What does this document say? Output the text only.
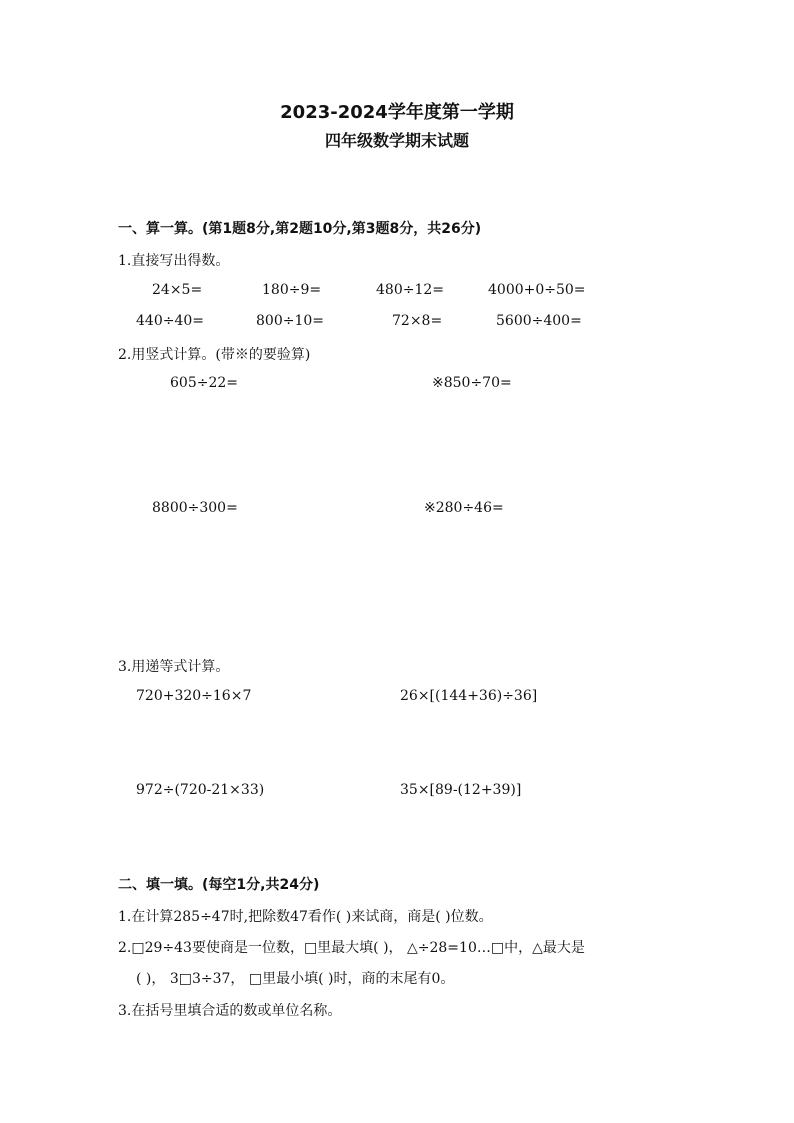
2023-2024学年度第一学期
四年级数学期末试题
一、算一算。(第1题8分,第2题10分,第3题8分，共26分)
1.直接写出得数。
24×5=	180÷9=	480÷12=	4000+0÷50=
440÷40=	800÷10=	72×8=	5600÷400=
2.用竖式计算。(带※的要验算)
605÷22=	※850÷70=
8800÷300=	※280÷46=
3.用递等式计算。
720+320÷16×7	26×[(144+36)÷36]
972÷(720-21×33)	35×[89-(12+39)]
二、填一填。(每空1分,共24分)
1.在计算285÷47时,把除数47看作( )来试商，商是( )位数。
2.□29÷43要使商是一位数，□里最大填( )， △÷28=10…□中，△最大是
( )， 3□3÷37， □里最小填( )时，商的末尾有0。
3.在括号里填合适的数或单位名称。
